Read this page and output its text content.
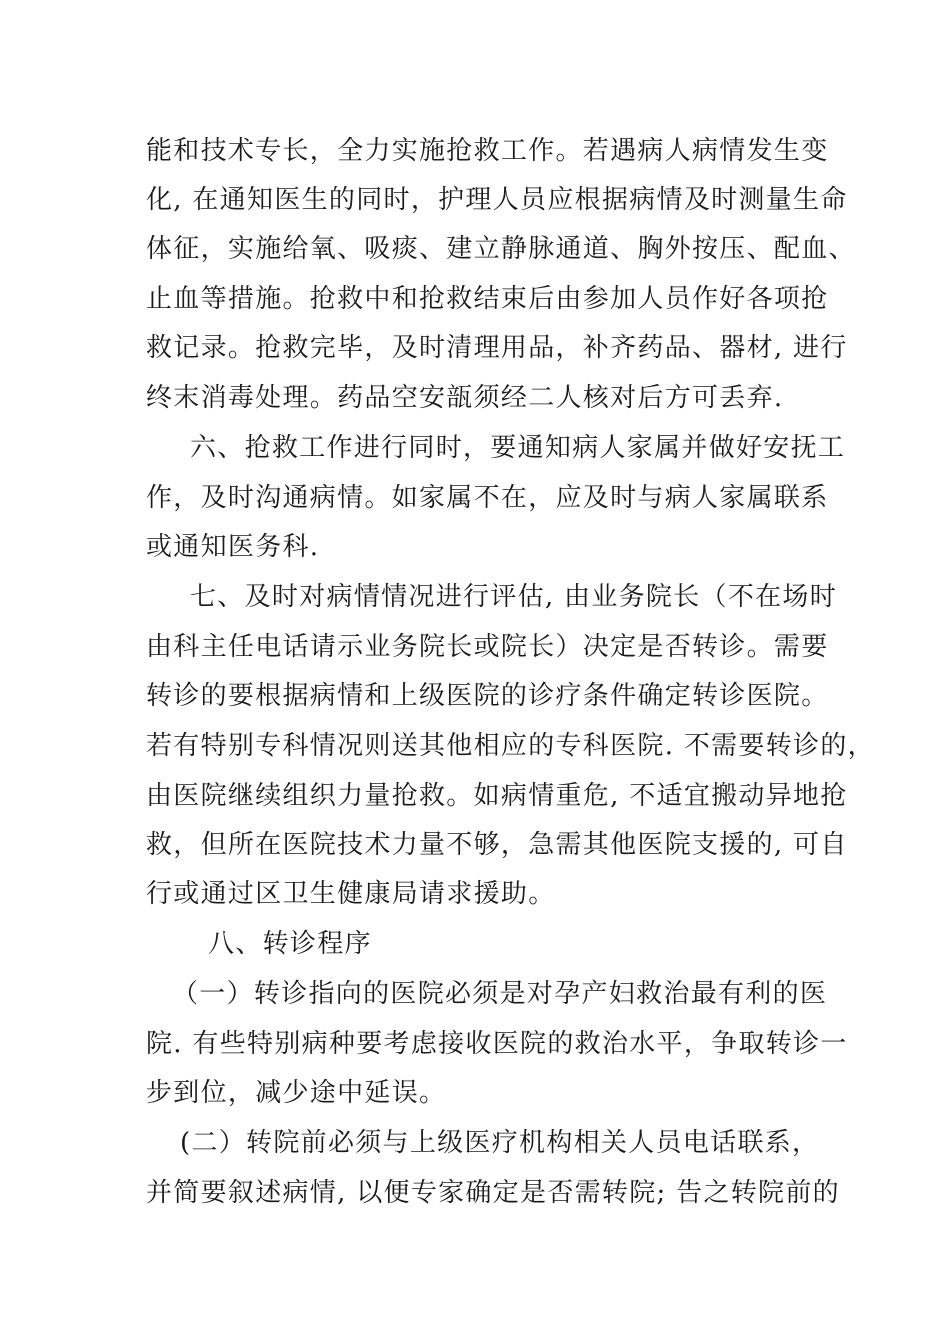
能和技术专长，全力实施抢救工作。若遇病人病情发生变

化, 在通知医生的同时，护理人员应根据病情及时测量生命

体征，实施给氧、吸痰、建立静脉通道、胸外按压、配血、

止血等措施。抢救中和抢救结束后由参加人员作好各项抢

救记录。抢救完毕，及时清理用品，补齐药品、器材, 进行

终末消毒处理。药品空安瓿须经二人核对后方可丢弃.

六、抢救工作进行同时，要通知病人家属并做好安抚工

作，及时沟通病情。如家属不在，应及时与病人家属联系

或通知医务科.

七、及时对病情情况进行评估, 由业务院长（不在场时

由科主任电话请示业务院长或院长）决定是否转诊。需要

转诊的要根据病情和上级医院的诊疗条件确定转诊医院。

若有特别专科情况则送其他相应的专科医院. 不需要转诊的，

由医院继续组织力量抢救。如病情重危, 不适宜搬动异地抢

救，但所在医院技术力量不够，急需其他医院支援的, 可自

行或通过区卫生健康局请求援助。

八、转诊程序

（一）转诊指向的医院必须是对孕产妇救治最有利的医

院. 有些特别病种要考虑接收医院的救治水平，争取转诊一

步到位，减少途中延误。

(二）转院前必须与上级医疗机构相关人员电话联系，

并简要叙述病情, 以便专家确定是否需转院; 告之转院前的
